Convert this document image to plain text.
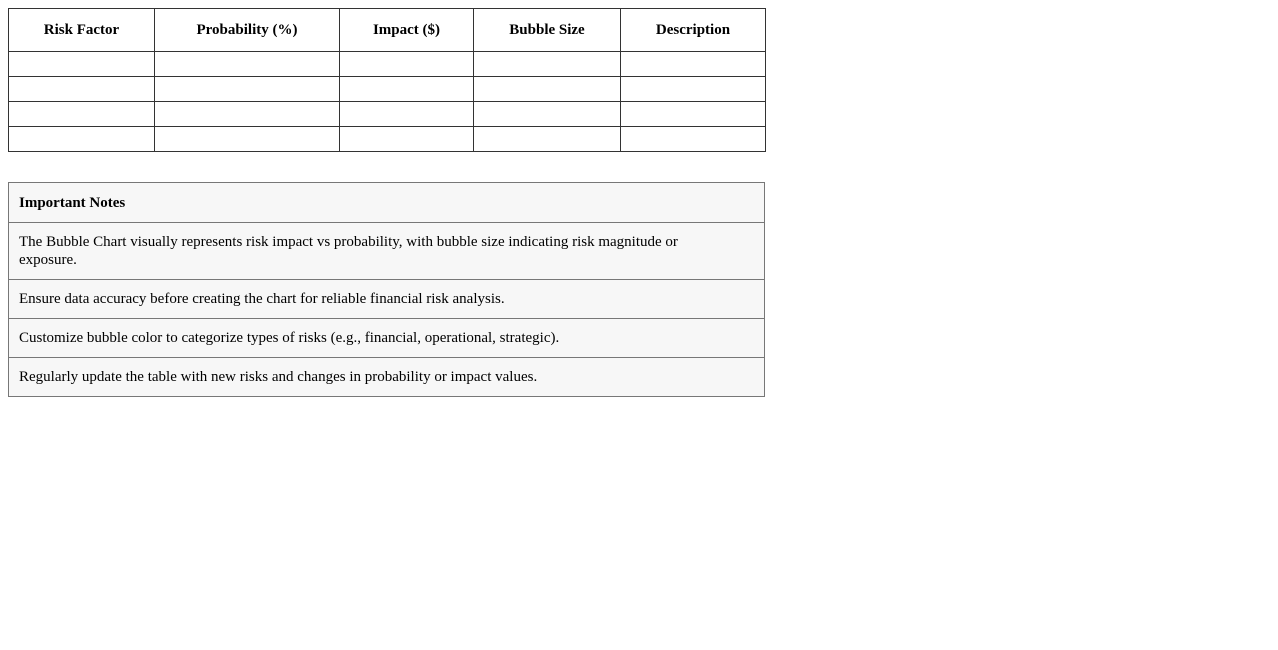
Risk Factor	Probability (%)	Impact ($)	Bubble Size	Description

Important Notes
The Bubble Chart visually represents risk impact vs probability, with bubble size indicating risk magnitude or exposure.
Ensure data accuracy before creating the chart for reliable financial risk analysis.
Customize bubble color to categorize types of risks (e.g., financial, operational, strategic).
Regularly update the table with new risks and changes in probability or impact values.
